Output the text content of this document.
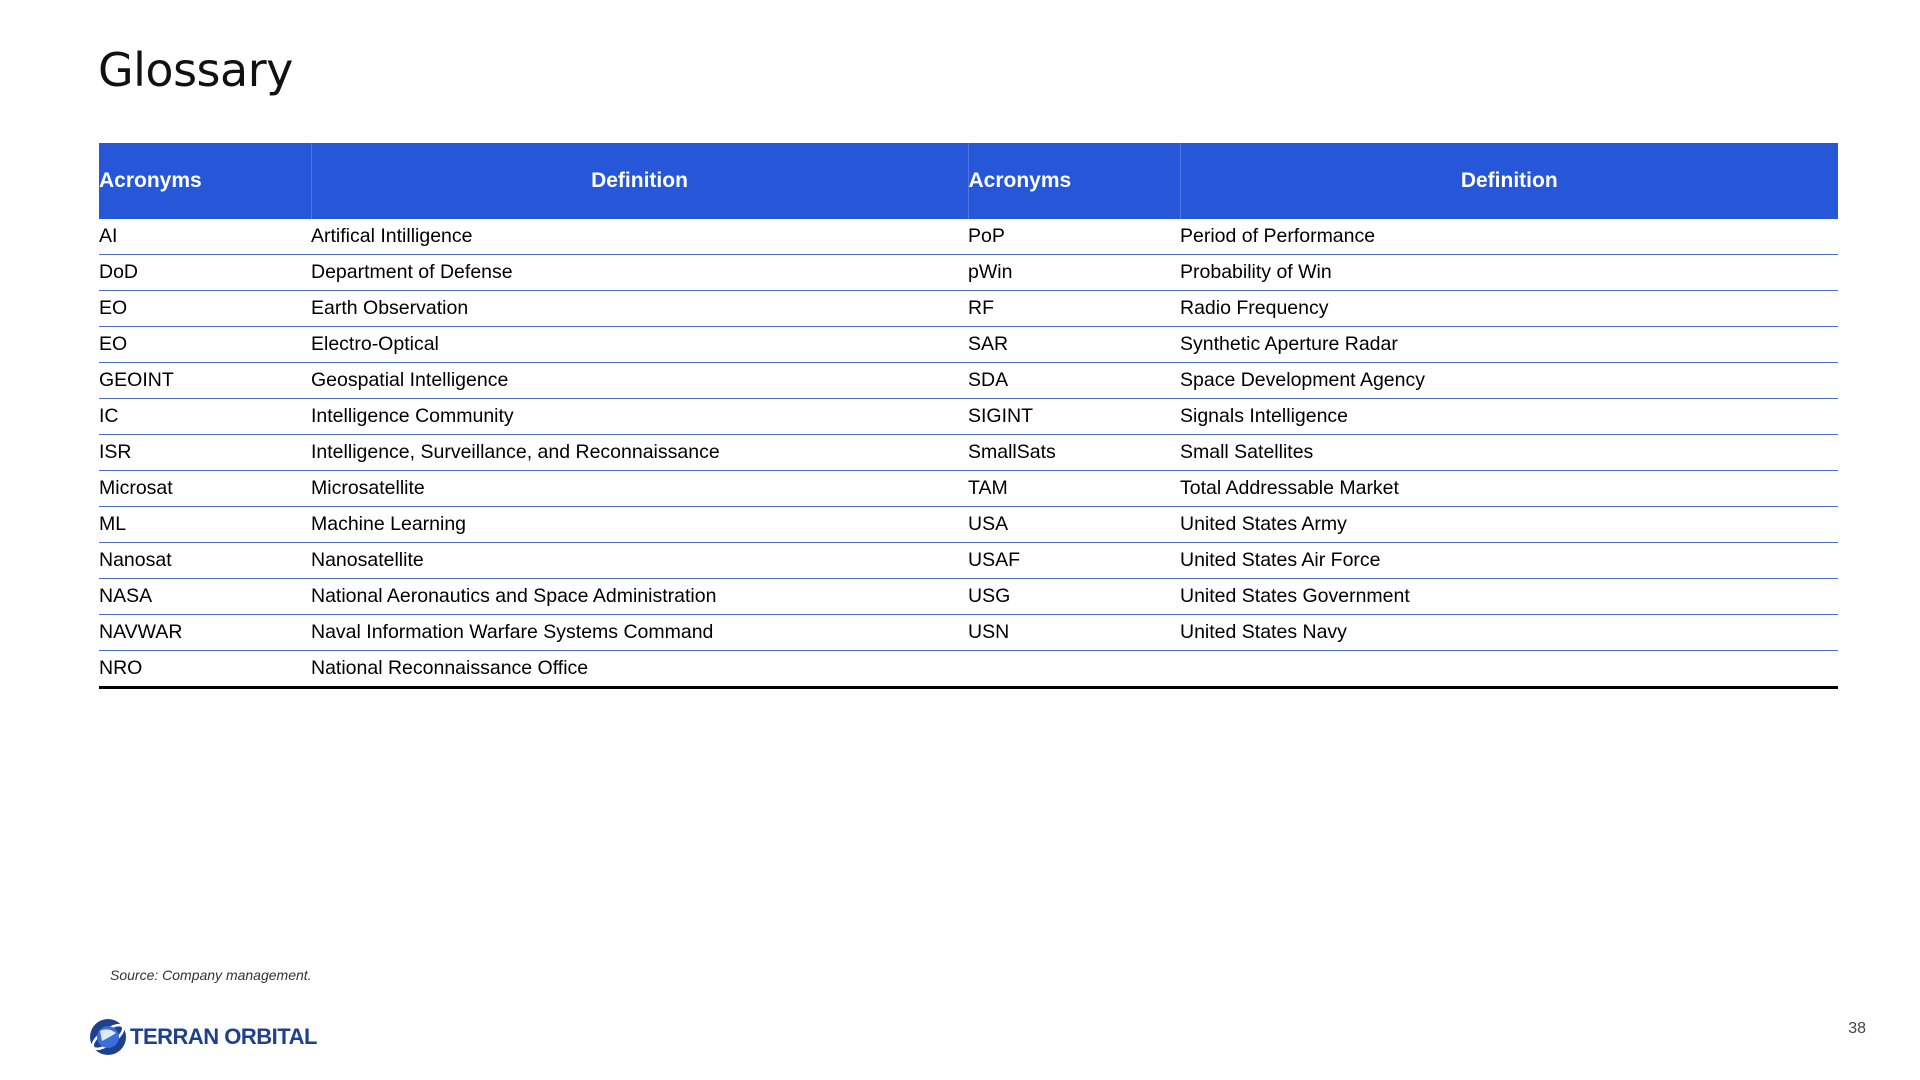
Glossary
Acronyms	Definition	Acronyms	Definition
AI	Artifical Intilligence	PoP	Period of Performance
DoD	Department of Defense	pWin	Probability of Win
EO	Earth Observation	RF	Radio Frequency
EO	Electro-Optical	SAR	Synthetic Aperture Radar
GEOINT	Geospatial Intelligence	SDA	Space Development Agency
IC	Intelligence Community	SIGINT	Signals Intelligence
ISR	Intelligence, Surveillance, and Reconnaissance	SmallSats	Small Satellites
Microsat	Microsatellite	TAM	Total Addressable Market
ML	Machine Learning	USA	United States Army
Nanosat	Nanosatellite	USAF	United States Air Force
NASA	National Aeronautics and Space Administration	USG	United States Government
NAVWAR	Naval Information Warfare Systems Command	USN	United States Navy
NRO	National Reconnaissance Office		
Source: Company management.
TERRAN ORBITAL	38
